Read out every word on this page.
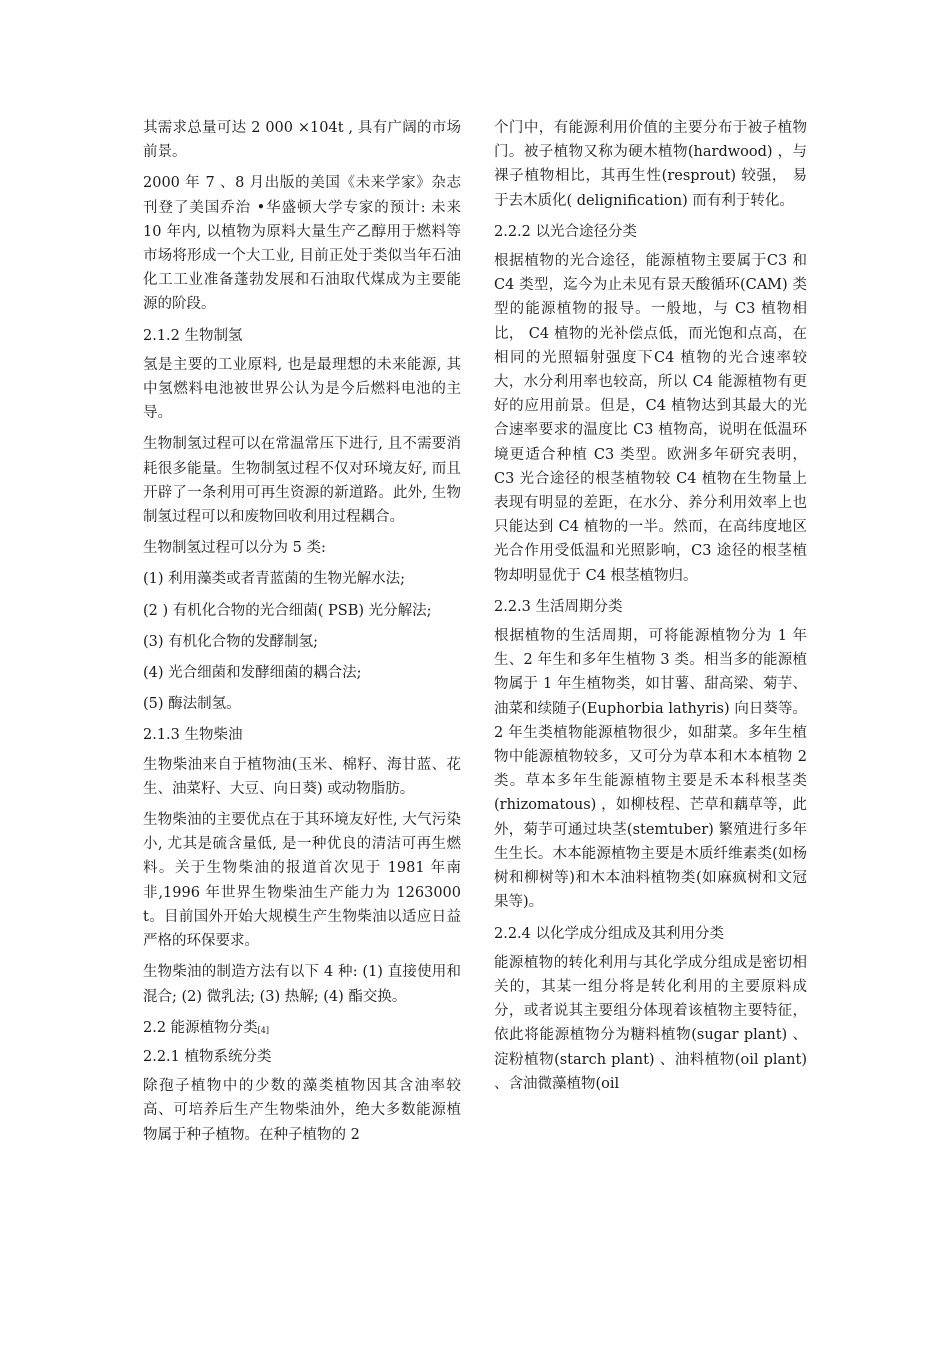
其需求总量可达 2 000 ×104t , 具有广阔的市场前景。

2000 年 7 、8 月出版的美国《未来学家》杂志刊登了美国乔治 •华盛顿大学专家的预计: 未来 10 年内, 以植物为原料大量生产乙醇用于燃料等市场将形成一个大工业, 目前正处于类似当年石油化工工业准备蓬勃发展和石油取代煤成为主要能源的阶段。

2.1.2 生物制氢

氢是主要的工业原料, 也是最理想的未来能源, 其中氢燃料电池被世界公认为是今后燃料电池的主导。

生物制氢过程可以在常温常压下进行, 且不需要消耗很多能量。生物制氢过程不仅对环境友好, 而且开辟了一条利用可再生资源的新道路。此外, 生物制氢过程可以和废物回收利用过程耦合。

生物制氢过程可以分为 5 类:

(1) 利用藻类或者青蓝菌的生物光解水法;

(2 ) 有机化合物的光合细菌( PSB) 光分解法;

(3) 有机化合物的发酵制氢;

(4) 光合细菌和发酵细菌的耦合法;

(5) 酶法制氢。

2.1.3 生物柴油

生物柴油来自于植物油(玉米、棉籽、海甘蓝、花生、油菜籽、大豆、向日葵) 或动物脂肪。

生物柴油的主要优点在于其环境友好性, 大气污染小, 尤其是硫含量低, 是一种优良的清洁可再生燃料。关于生物柴油的报道首次见于 1981 年南非,1996 年世界生物柴油生产能力为 1263000 t。目前国外开始大规模生产生物柴油以适应日益严格的环保要求。

生物柴油的制造方法有以下 4 种: (1) 直接使用和混合; (2) 微乳法; (3) 热解; (4) 酯交换。

2.2 能源植物分类[4]
2.2.1 植物系统分类

除孢子植物中的少数的藻类植物因其含油率较高、可培养后生产生物柴油外，绝大多数能源植物属于种子植物。在种子植物的 2

个门中，有能源利用价值的主要分布于被子植物门。被子植物又称为硬木植物(hardwood) ，与裸子植物相比，其再生性(resprout) 较强， 易于去木质化( delignification) 而有利于转化。

2.2.2 以光合途径分类

根据植物的光合途径，能源植物主要属于C3 和 C4 类型，迄今为止未见有景天酸循环(CAM) 类型的能源植物的报导。一般地，与 C3 植物相比， C4 植物的光补偿点低，而光饱和点高，在相同的光照辐射强度下C4 植物的光合速率较大，水分利用率也较高，所以 C4 能源植物有更好的应用前景。但是，C4 植物达到其最大的光合速率要求的温度比 C3 植物高，说明在低温环境更适合种植 C3 类型。欧洲多年研究表明， C3 光合途径的根茎植物较 C4 植物在生物量上表现有明显的差距，在水分、养分利用效率上也只能达到 C4 植物的一半。然而，在高纬度地区光合作用受低温和光照影响，C3 途径的根茎植物却明显优于 C4 根茎植物归。

2.2.3 生活周期分类

根据植物的生活周期，可将能源植物分为 1 年生、2 年生和多年生植物 3 类。相当多的能源植物属于 1 年生植物类，如甘薯、甜高梁、菊芋、油菜和续随子(Euphorbia lathyris) 向日葵等。2 年生类植物能源植物很少，如甜菜。多年生植物中能源植物较多，又可分为草本和木本植物 2 类。草本多年生能源植物主要是禾本科根茎类(rhizomatous) ，如柳枝程、芒草和藕草等，此外，菊芋可通过块茎(stemtuber) 繁殖进行多年生生长。木本能源植物主要是木质纤维素类(如杨树和柳树等)和木本油料植物类(如麻疯树和文冠果等)。

2.2.4 以化学成分组成及其利用分类

能源植物的转化利用与其化学成分组成是密切相关的，其某一组分将是转化利用的主要原料成分，或者说其主要组分体现着该植物主要特征，依此将能源植物分为糖料植物(sugar plant) 、淀粉植物(starch plant) 、油料植物(oil plant) 、含油微藻植物(oil
